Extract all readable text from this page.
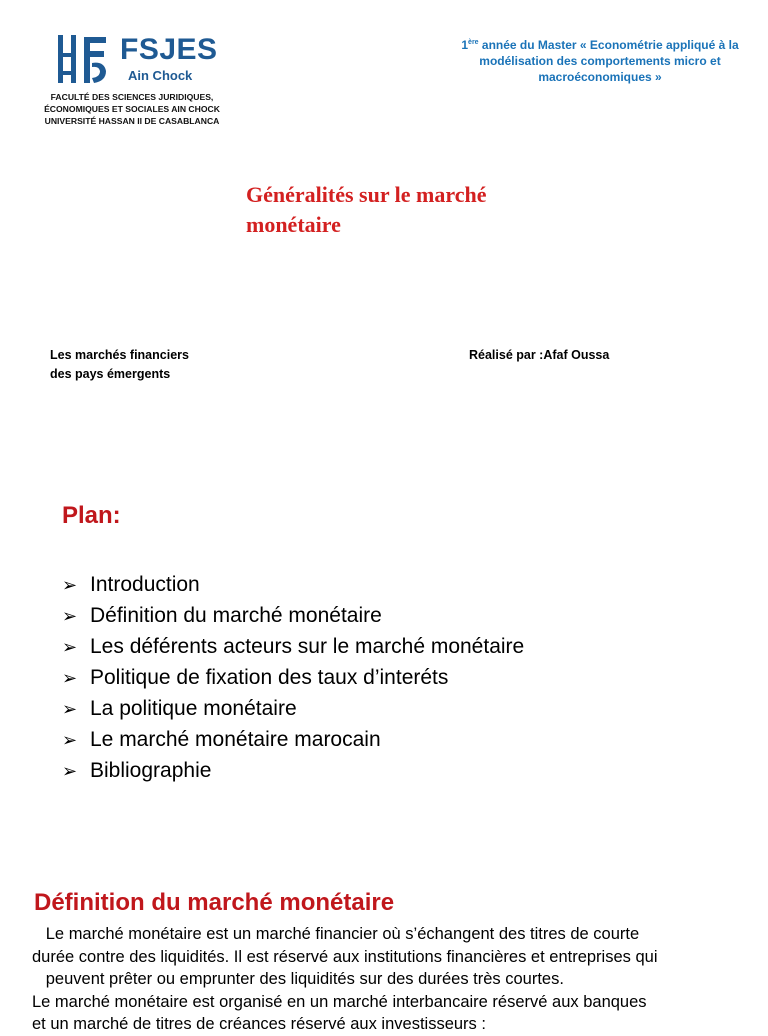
FSJES
Ain Chock
FACULTÉ DES SCIENCES JURIDIQUES,
ÉCONOMIQUES ET SOCIALES AIN CHOCK
UNIVERSITÉ HASSAN II DE CASABLANCA
1ère année du Master « Econométrie appliqué à la
modélisation des comportements micro et
macroéconomiques »
Généralités sur le marché
monétaire
Les marchés financiers
des pays émergents
Réalisé par :Afaf Oussa
Plan:
➢ Introduction
➢ Définition du marché monétaire
➢ Les déférents acteurs sur le marché monétaire
➢ Politique de fixation des taux d’interéts
➢ La politique monétaire
➢ Le marché monétaire marocain
➢ Bibliographie
Définition du marché monétaire
Le marché monétaire est un marché financier où s’échangent des titres de courte
durée contre des liquidités. Il est réservé aux institutions financières et entreprises qui
peuvent prêter ou emprunter des liquidités sur des durées très courtes.
Le marché monétaire est organisé en un marché interbancaire réservé aux banques
et un marché de titres de créances réservé aux investisseurs :
